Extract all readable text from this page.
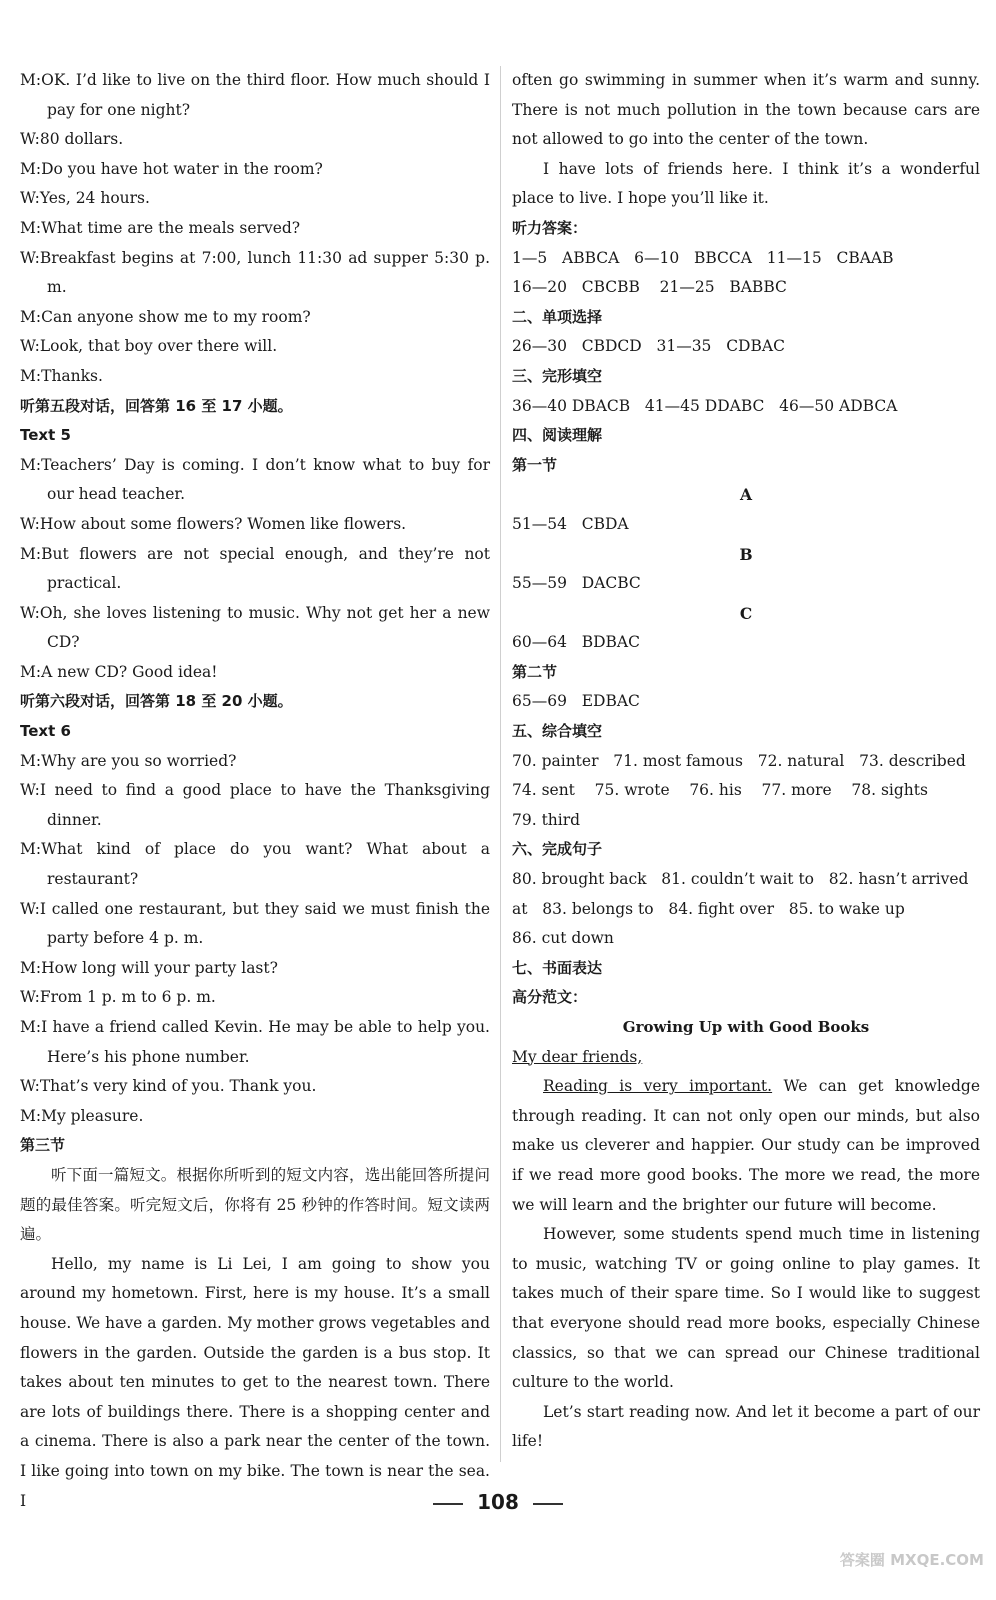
M:OK. I’d like to live on the third floor. How much should I pay for one night?
W:80 dollars.
M:Do you have hot water in the room?
W:Yes, 24 hours.
M:What time are the meals served?
W:Breakfast begins at 7:00, lunch 11:30 ad supper 5:30 p. m.
M:Can anyone show me to my room?
W:Look, that boy over there will.
M:Thanks.
听第五段对话，回答第 16 至 17 小题。
Text 5
M:Teachers’ Day is coming. I don’t know what to buy for our head teacher.
W:How about some flowers? Women like flowers.
M:But flowers are not special enough, and they’re not practical.
W:Oh, she loves listening to music. Why not get her a new CD?
M:A new CD? Good idea!
听第六段对话，回答第 18 至 20 小题。
Text 6
M:Why are you so worried?
W:I need to find a good place to have the Thanksgiving dinner.
M:What kind of place do you want? What about a restaurant?
W:I called one restaurant, but they said we must finish the party before 4 p. m.
M:How long will your party last?
W:From 1 p. m to 6 p. m.
M:I have a friend called Kevin. He may be able to help you. Here’s his phone number.
W:That’s very kind of you. Thank you.
M:My pleasure.
第三节
听下面一篇短文。根据你所听到的短文内容，选出能回答所提问题的最佳答案。听完短文后，你将有 25 秒钟的作答时间。短文读两遍。
Hello, my name is Li Lei, I am going to show you around my hometown. First, here is my house. It’s a small house. We have a garden. My mother grows vegetables and flowers in the garden. Outside the garden is a bus stop. It takes about ten minutes to get to the nearest town. There are lots of buildings there. There is a shopping center and a cinema. There is also a park near the center of the town. I like going into town on my bike. The town is near the sea. I
often go swimming in summer when it’s warm and sunny. There is not much pollution in the town because cars are not allowed to go into the center of the town.
I have lots of friends here. I think it’s a wonderful place to live. I hope you’ll like it.
听力答案：
1—5   ABBCA   6—10   BBCCA   11—15   CBAAB
16—20   CBCBB    21—25   BABBC
二、单项选择
26—30   CBDCD   31—35   CDBAC
三、完形填空
36—40 DBACB   41—45 DDABC   46—50 ADBCA
四、阅读理解
第一节
A
51—54   CBDA
B
55—59   DACBC
C
60—64   BDBAC
第二节
65—69   EDBAC
五、综合填空
70. painter   71. most famous   72. natural   73. described
74. sent    75. wrote    76. his    77. more    78. sights
79. third
六、完成句子
80. brought back   81. couldn’t wait to   82. hasn’t arrived
at   83. belongs to   84. fight over   85. to wake up
86. cut down
七、书面表达
高分范文：
Growing Up with Good Books
My dear friends,
Reading is very important. We can get knowledge through reading. It can not only open our minds, but also make us cleverer and happier. Our study can be improved if we read more good books. The more we read, the more we will learn and the brighter our future will become.
However, some students spend much time in listening to music, watching TV or going online to play games. It takes much of their spare time. So I would like to suggest that everyone should read more books, especially Chinese classics, so that we can spread our Chinese traditional culture to the world.
Let’s start reading now. And let it become a part of our life!
108
答案圈 MXQE.COM
